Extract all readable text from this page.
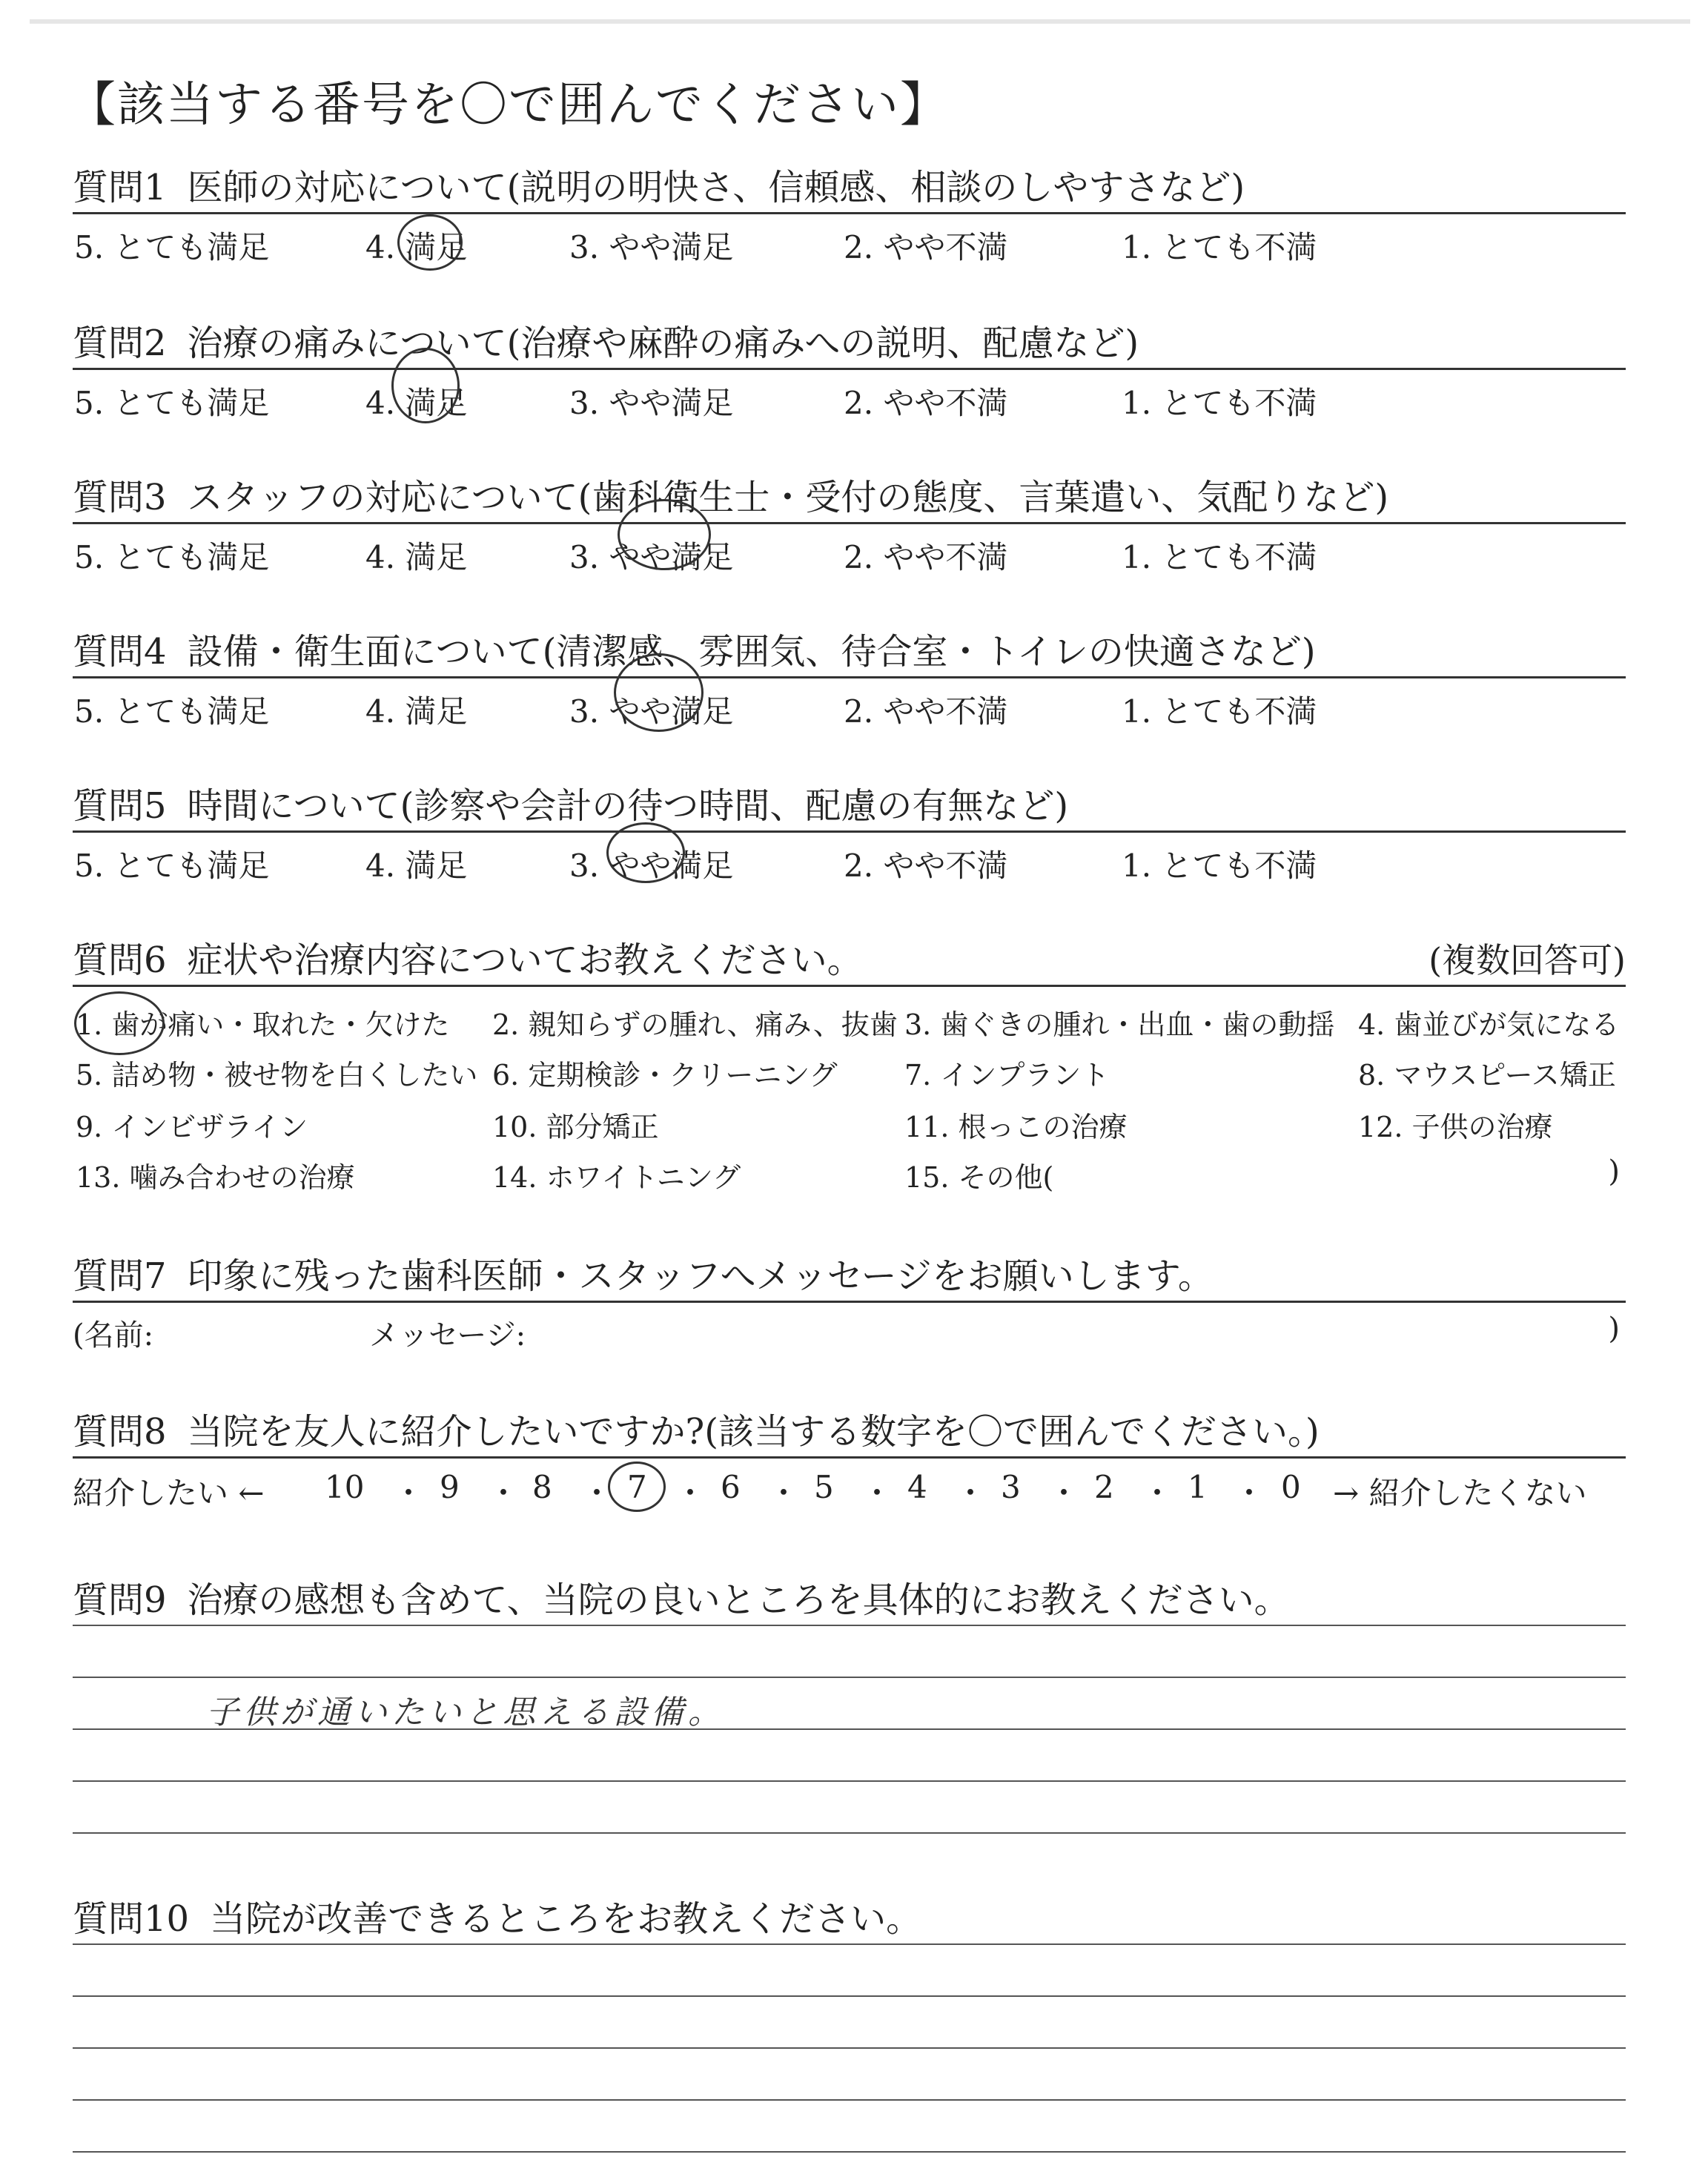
【該当する番号を〇で囲んでください】
質問1 医師の対応について(説明の明快さ、信頼感、相談のしやすさなど)
5. とても満足	4. 満足	3. やや満足	2. やや不満	1. とても不満
質問2 治療の痛みについて(治療や麻酔の痛みへの説明、配慮など)
5. とても満足	4. 満足	3. やや満足	2. やや不満	1. とても不満
質問3 スタッフの対応について(歯科衛生士・受付の態度、言葉遣い、気配りなど)
5. とても満足	4. 満足	3. やや満足	2. やや不満	1. とても不満
質問4 設備・衛生面について(清潔感、雰囲気、待合室・トイレの快適さなど)
5. とても満足	4. 満足	3. やや満足	2. やや不満	1. とても不満
質問5 時間について(診察や会計の待つ時間、配慮の有無など)
5. とても満足	4. 満足	3. やや満足	2. やや不満	1. とても不満
質問6 症状や治療内容についてお教えください。	(複数回答可)
1. 歯が痛い・取れた・欠けた 2. 親知らずの腫れ、痛み、抜歯 3. 歯ぐきの腫れ・出血・歯の動揺 4. 歯並びが気になる
5. 詰め物・被せ物を白くしたい 6. 定期検診・クリーニング 7. インプラント	8. マウスピース矯正
9. インビザライン	10. 部分矯正	11. 根っこの治療	12. 子供の治療
13. 噛み合わせの治療	14. ホワイトニング	15. その他(	)
質問7 印象に残った歯科医師・スタッフへメッセージをお願いします。
(名前:	メッセージ:	)
質問8 当院を友人に紹介したいですか?(該当する数字を〇で囲んでください。)
紹介したい ← 10 ・ 9 ・ 8 ・ 7 ・ 6 ・ 5 ・ 4 ・ 3 ・ 2 ・ 1 ・ 0 → 紹介したくない
質問9 治療の感想も含めて、当院の良いところを具体的にお教えください。
子供が通いたいと思える設備。
質問10 当院が改善できるところをお教えください。
